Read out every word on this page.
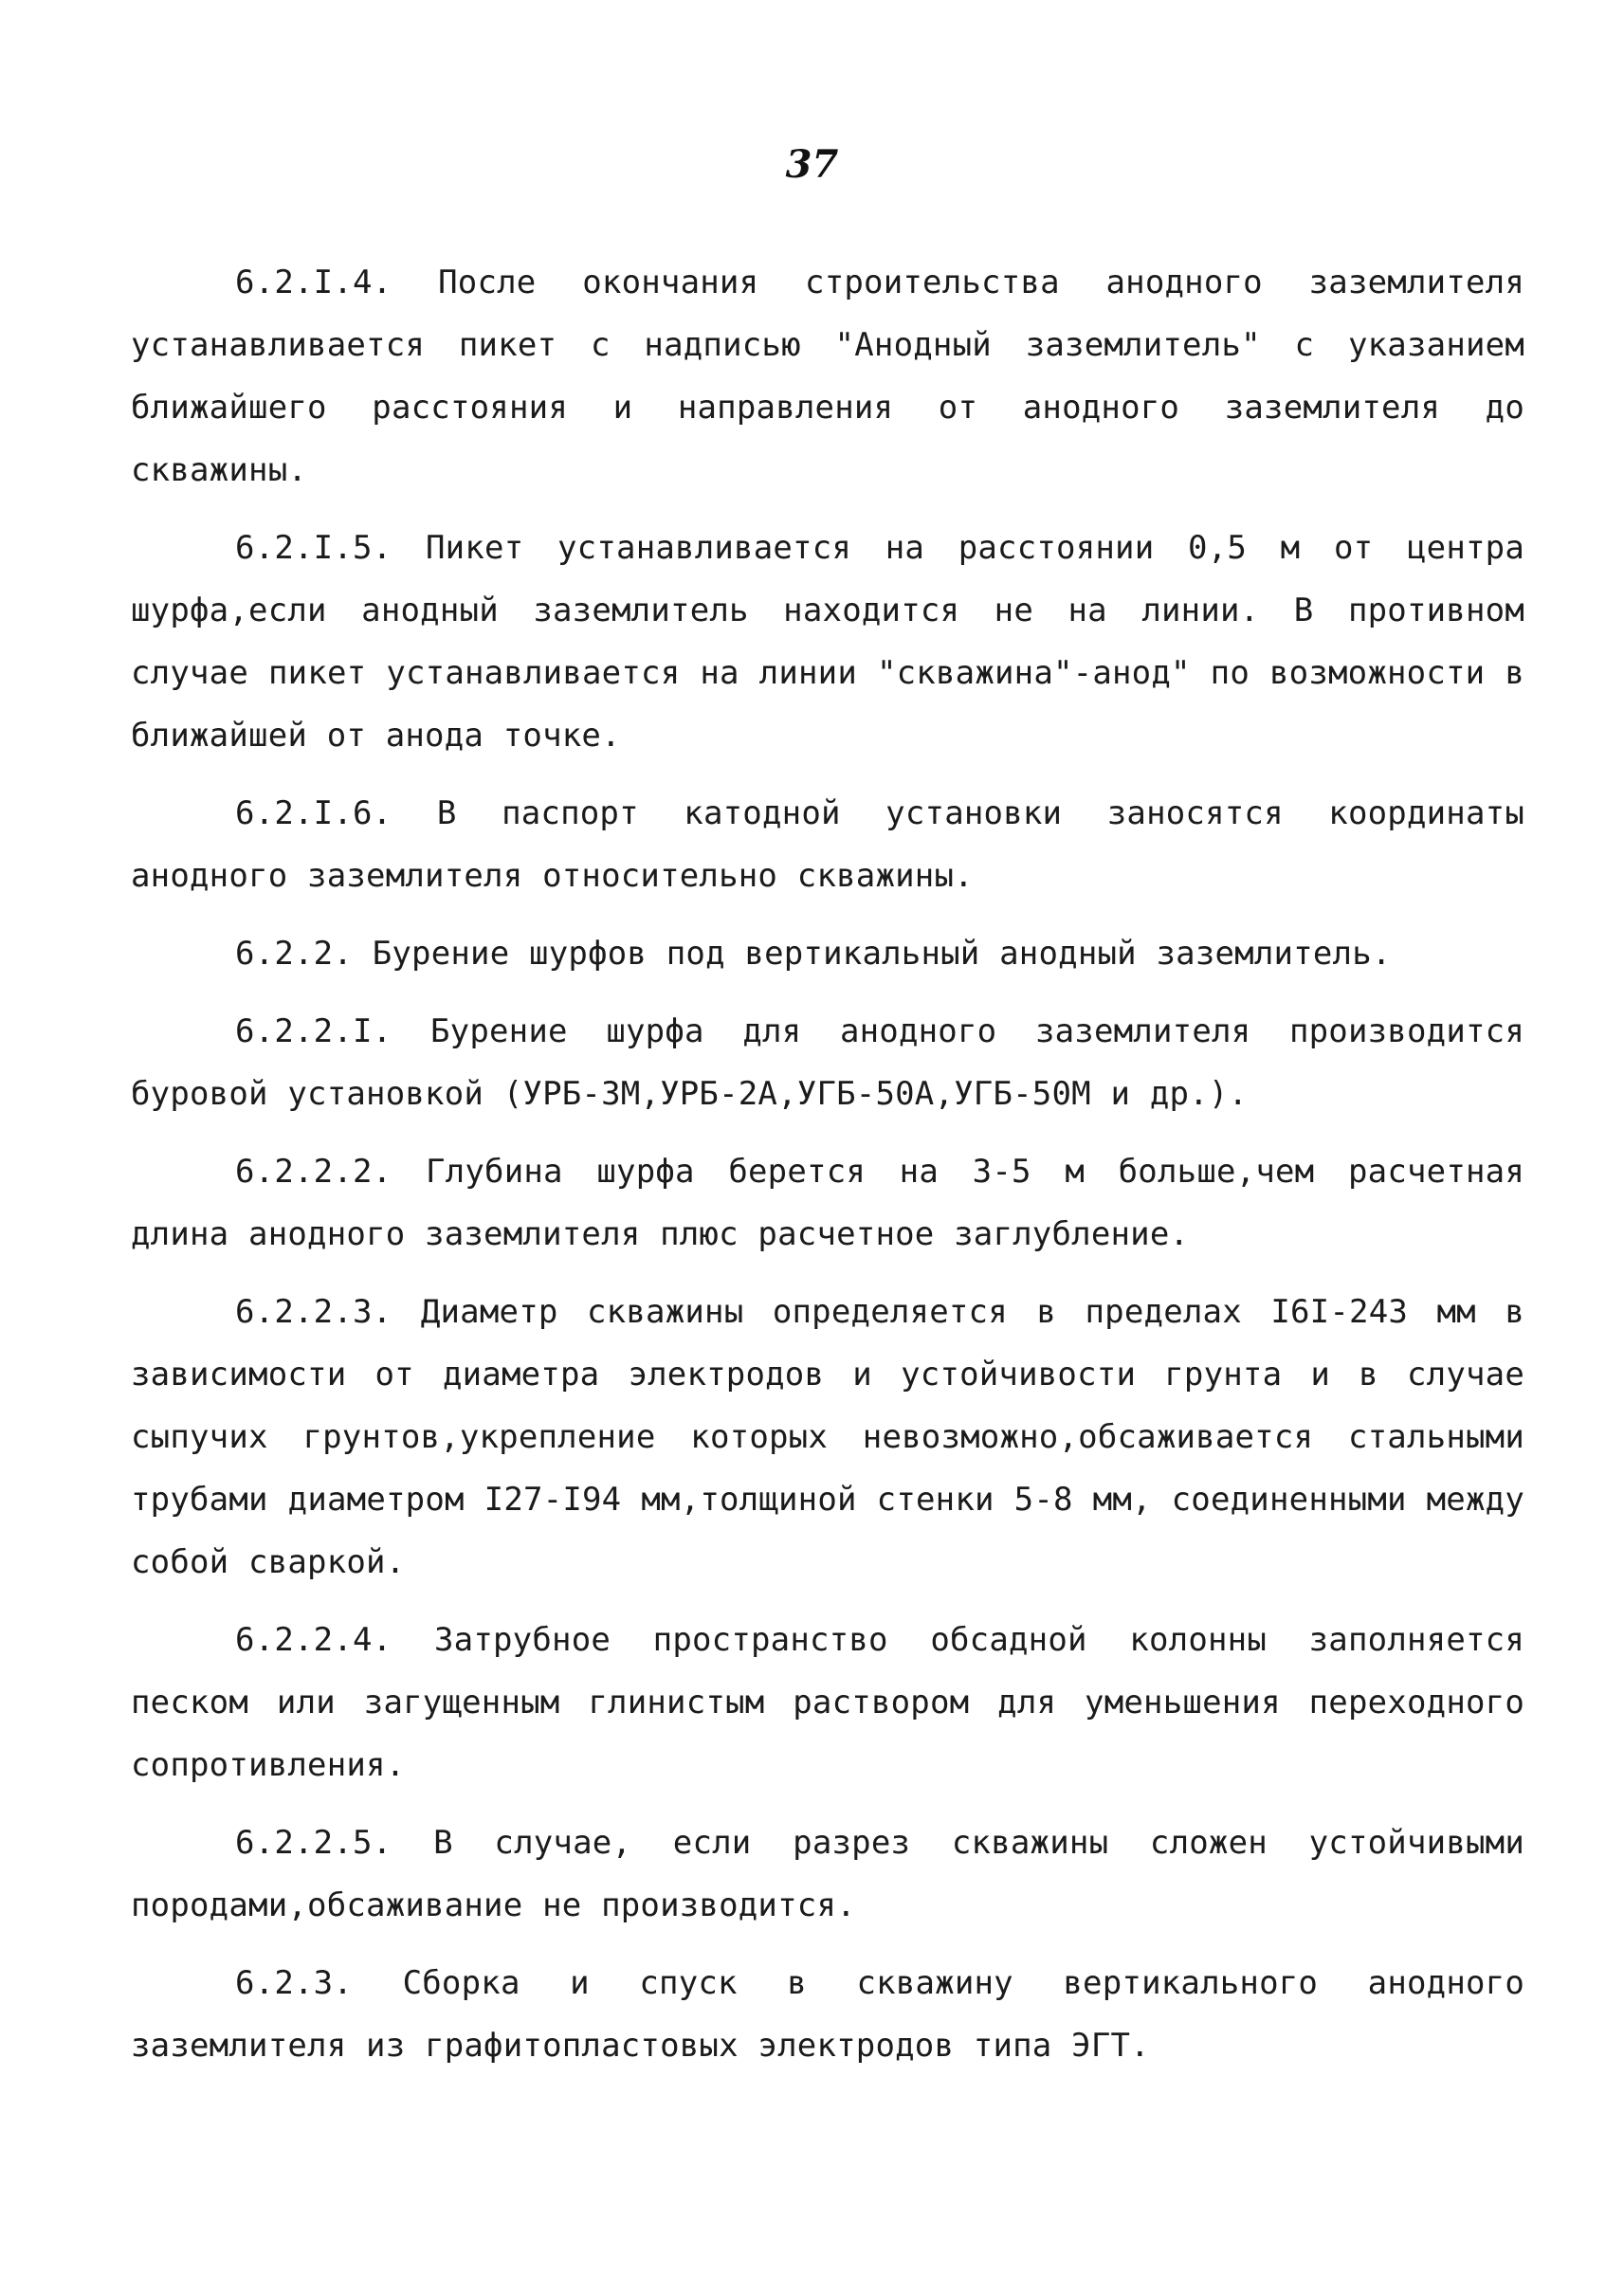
37

6.2.I.4. После окончания строительства анодного заземлителя устанавливается пикет с надписью "Анодный заземлитель" с указанием ближайшего расстояния и направления от анодного заземлителя до скважины.

6.2.I.5. Пикет устанавливается на расстоянии 0,5 м от центра шурфа,если анодный заземлитель находится не на линии. В противном случае пикет устанавливается на линии "скважина"-анод" по возможности в ближайшей от анода точке.

6.2.I.6. В паспорт катодной установки заносятся координаты анодного заземлителя относительно скважины.

6.2.2. Бурение шурфов под вертикальный анодный заземлитель.

6.2.2.I. Бурение шурфа для анодного заземлителя производится буровой установкой (УРБ-ЗМ,УРБ-2А,УГБ-50А,УГБ-50М и др.).

6.2.2.2. Глубина шурфа берется на 3-5 м больше,чем расчетная длина анодного заземлителя плюс расчетное заглубление.

6.2.2.3. Диаметр скважины определяется в пределах I6I-243 мм в зависимости от диаметра электродов и устойчивости грунта и в случае сыпучих грунтов,укрепление которых невозможно,обсаживается стальными трубами диаметром I27-I94 мм,толщиной стенки 5-8 мм, соединенными между собой сваркой.

6.2.2.4. Затрубное пространство обсадной колонны заполняется песком или загущенным глинистым раствором для уменьшения переходного сопротивления.

6.2.2.5. В случае, если разрез скважины сложен устойчивыми породами,обсаживание не производится.

6.2.3. Сборка и спуск в скважину вертикального анодного заземлителя из графитопластовых электродов типа ЭГТ.
